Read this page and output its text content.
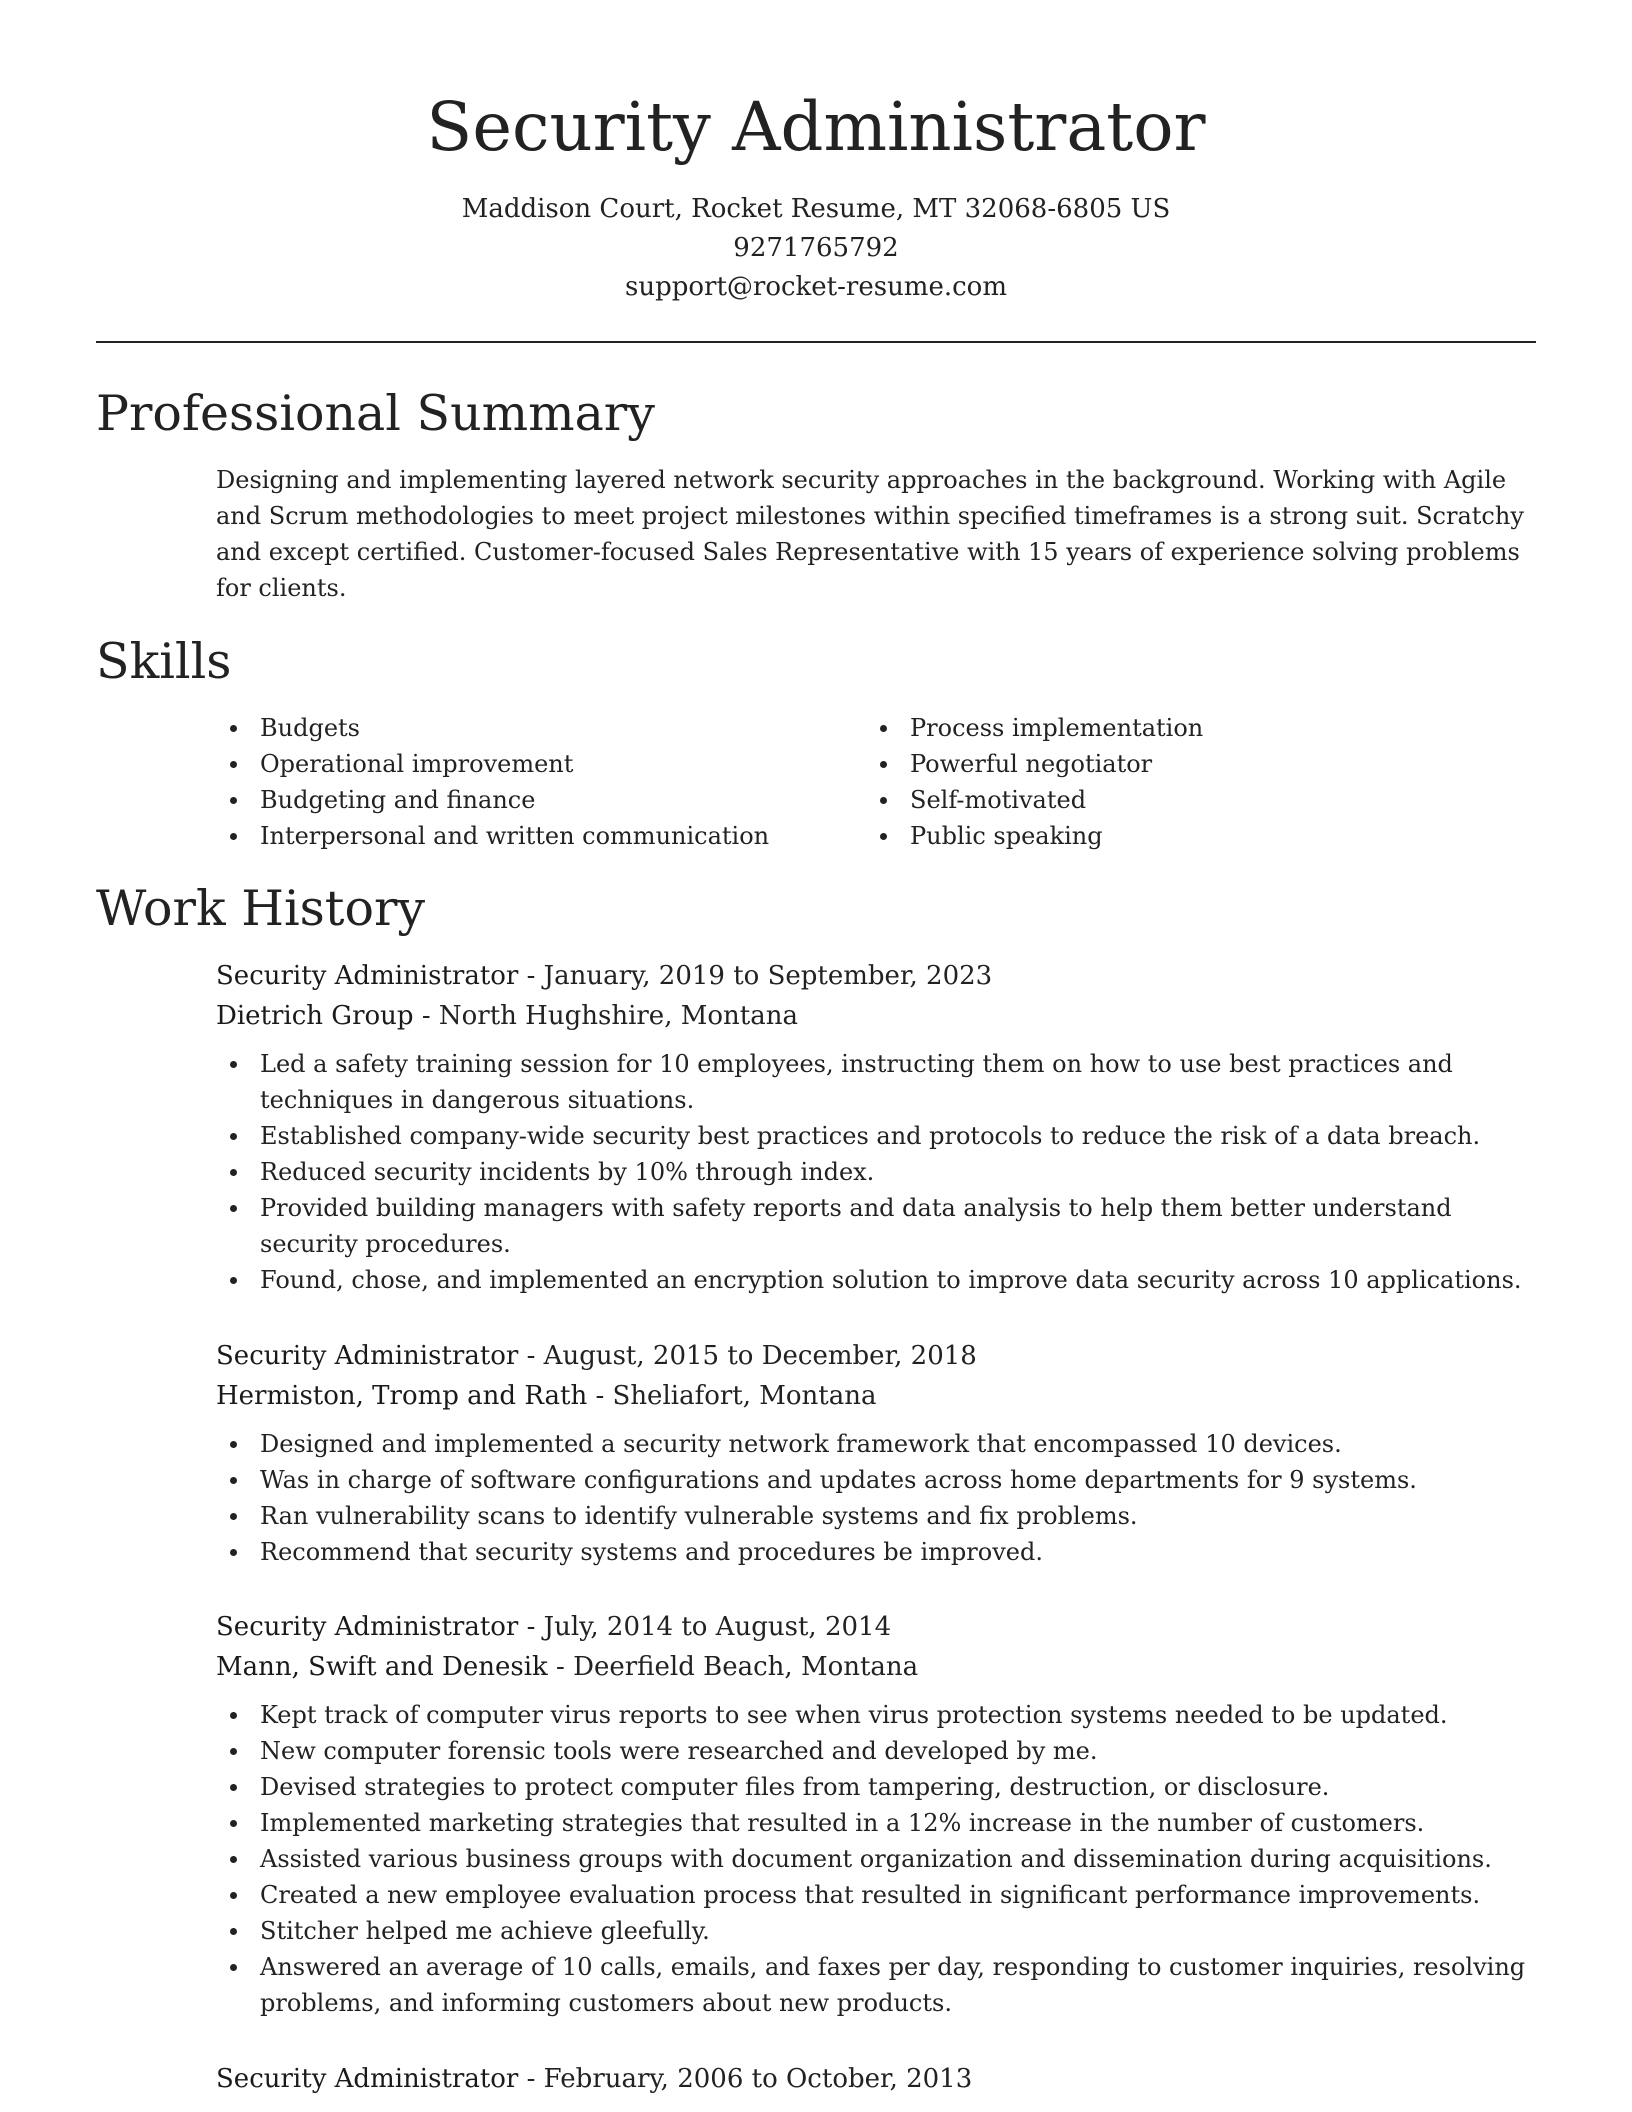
Security Administrator
Maddison Court, Rocket Resume, MT 32068-6805 US
9271765792
support@rocket-resume.com
Professional Summary

Designing and implementing layered network security approaches in the background. Working with Agile and Scrum methodologies to meet project milestones within specified timeframes is a strong suit. Scratchy and except certified. Customer-focused Sales Representative with 15 years of experience solving problems for clients.

Skills
Budgets
Operational improvement
Budgeting and finance
Interpersonal and written communication
Process implementation
Powerful negotiator
Self-motivated
Public speaking
Work History
Security Administrator - January, 2019 to September, 2023
Dietrich Group - North Hughshire, Montana
Led a safety training session for 10 employees, instructing them on how to use best practices and techniques in dangerous situations.
Established company-wide security best practices and protocols to reduce the risk of a data breach.
Reduced security incidents by 10% through index.
Provided building managers with safety reports and data analysis to help them better understand security procedures.
Found, chose, and implemented an encryption solution to improve data security across 10 applications.
Security Administrator - August, 2015 to December, 2018
Hermiston, Tromp and Rath - Sheliafort, Montana
Designed and implemented a security network framework that encompassed 10 devices.
Was in charge of software configurations and updates across home departments for 9 systems.
Ran vulnerability scans to identify vulnerable systems and fix problems.
Recommend that security systems and procedures be improved.
Security Administrator - July, 2014 to August, 2014
Mann, Swift and Denesik - Deerfield Beach, Montana
Kept track of computer virus reports to see when virus protection systems needed to be updated.
New computer forensic tools were researched and developed by me.
Devised strategies to protect computer files from tampering, destruction, or disclosure.
Implemented marketing strategies that resulted in a 12% increase in the number of customers.
Assisted various business groups with document organization and dissemination during acquisitions.
Created a new employee evaluation process that resulted in significant performance improvements.
Stitcher helped me achieve gleefully.
Answered an average of 10 calls, emails, and faxes per day, responding to customer inquiries, resolving problems, and informing customers about new products.
Security Administrator - February, 2006 to October, 2013
